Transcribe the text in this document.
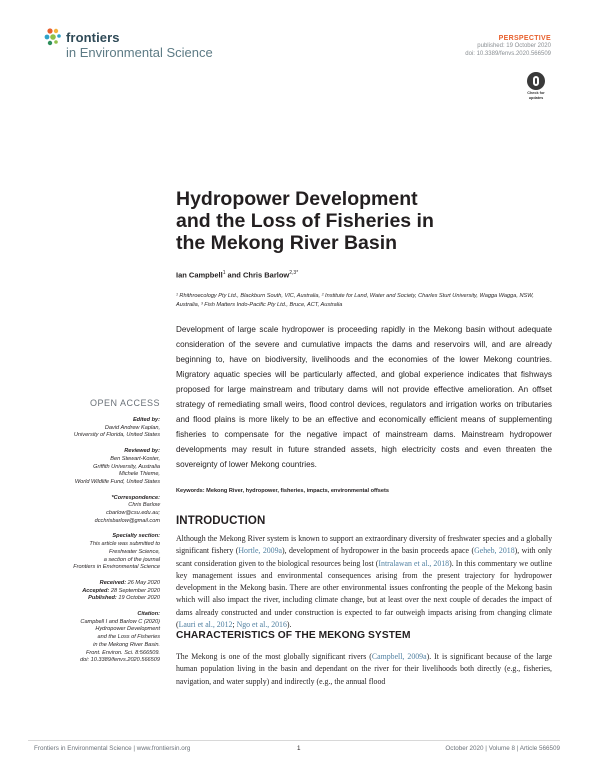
frontiers
in Environmental Science
PERSPECTIVE
published: 19 October 2020
doi: 10.3389/fenvs.2020.566509
Check for updates
Hydropower Development and the Loss of Fisheries in the Mekong River Basin
Ian Campbell$^1$ and Chris Barlow$^{2,3*}$
¹ Rhithroecology Pty Ltd., Blackburn South, VIC, Australia, ² Institute for Land, Water and Society, Charles Sturt University, Wagga Wagga, NSW, Australia, ³ Fish Matters Indo-Pacific Pty Ltd., Bruce, ACT, Australia
Development of large scale hydropower is proceeding rapidly in the Mekong basin without adequate consideration of the severe and cumulative impacts the dams and reservoirs will, and are already beginning to, have on biodiversity, livelihoods and the economies of the lower Mekong countries. Migratory aquatic species will be particularly affected, and global experience indicates that fishways proposed for large mainstream and tributary dams will not provide effective amelioration. An offset strategy of remediating small weirs, flood control devices, regulators and irrigation works on tributaries and flood plains is more likely to be an effective and economically efficient means of supplementing fisheries to compensate for the negative impact of mainstream dams. Mainstream hydropower developments may result in future stranded assets, high electricity costs and even threaten the sovereignty of lower Mekong countries.
Keywords: Mekong River, hydropower, fisheries, impacts, environmental offsets
OPEN ACCESS
Edited by:
David Andrew Kaplan,
University of Florida, United States
Reviewed by:
Ben Stewart-Koster,
Griffith University, Australia
Michele Thieme,
World Wildlife Fund, United States
*Correspondence:
Chris Barlow
cbarlow@csu.edu.au;
dcchrisbarlow@gmail.com
Specialty section:
This article was submitted to
Freshwater Science,
a section of the journal
Frontiers in Environmental Science
Received: 26 May 2020
Accepted: 28 September 2020
Published: 19 October 2020
Citation:
Campbell I and Barlow C (2020)
Hydropower Development
and the Loss of Fisheries
in the Mekong River Basin.
Front. Environ. Sci. 8:566509.
doi: 10.3389/fenvs.2020.566509
INTRODUCTION
Although the Mekong River system is known to support an extraordinary diversity of freshwater species and a globally significant fishery (Hortle, 2009a), development of hydropower in the basin proceeds apace (Geheb, 2018), with only scant consideration given to the biological resources being lost (Intralawan et al., 2018). In this commentary we outline key management issues and environmental consequences arising from the present trajectory for hydropower development in the Mekong basin. There are other environmental issues confronting the people of the Mekong basin which will also impact the river, including climate change, but at least over the next couple of decades the impact of dams already constructed and under construction is expected to far outweigh impacts arising from changing climate (Lauri et al., 2012; Ngo et al., 2016).
CHARACTERISTICS OF THE MEKONG SYSTEM
The Mekong is one of the most globally significant rivers (Campbell, 2009a). It is significant because of the large human population living in the basin and dependant on the river for their livelihoods both directly (e.g., fisheries, navigation, and water supply) and indirectly (e.g., the annual flood
Frontiers in Environmental Science | www.frontiersin.org	1	October 2020 | Volume 8 | Article 566509
